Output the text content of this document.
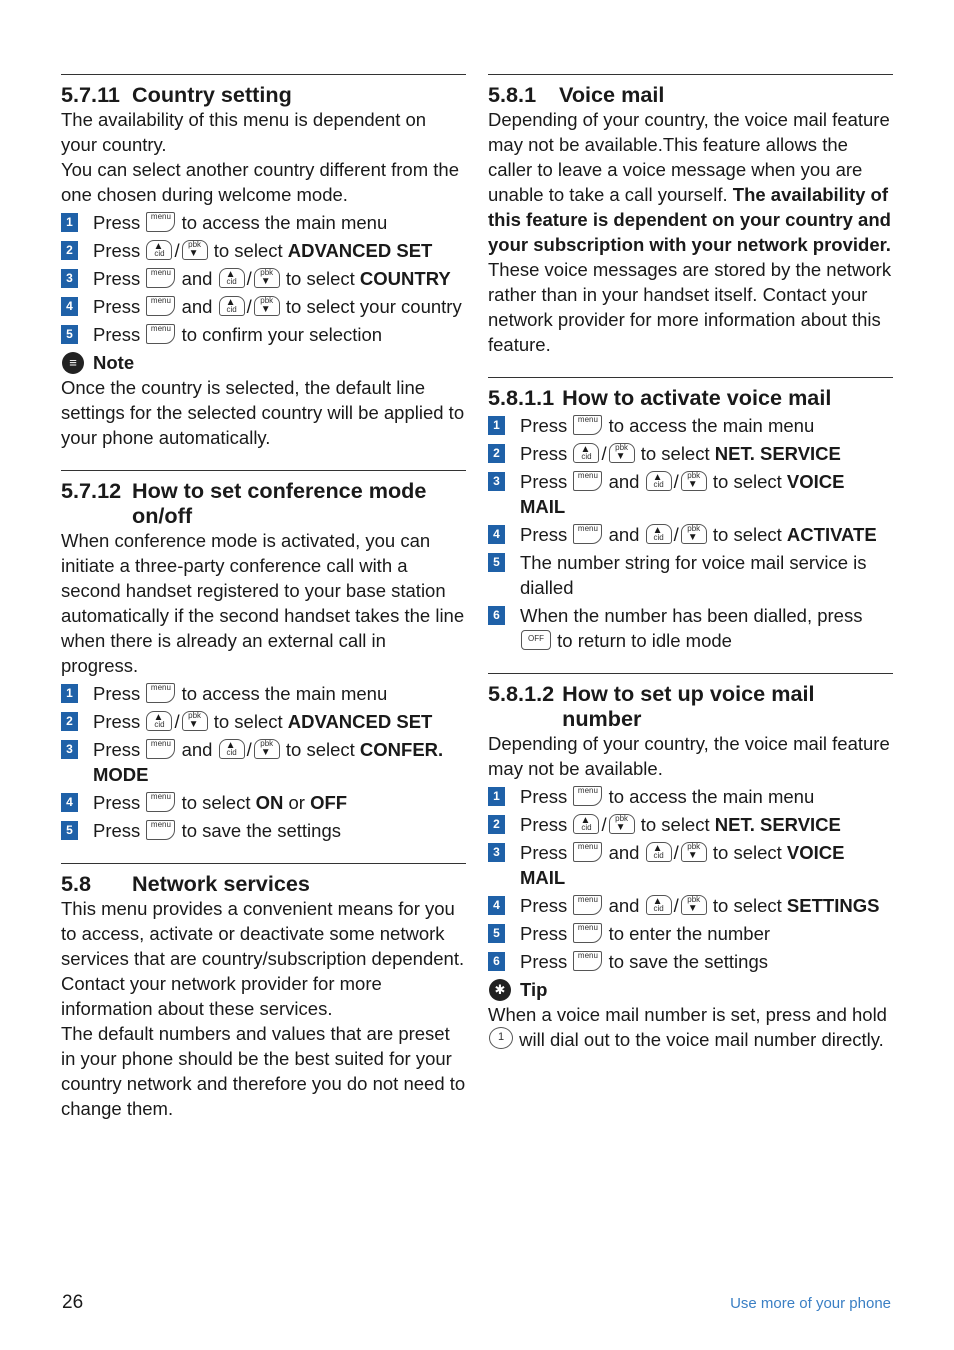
5.7.11 Country setting

The availability of this menu is dependent on your country.

You can select another country different from the one chosen during welcome mode.

1 Press	menu to access the main menu
2 Press	cid
▲ /	pbk
▼ to select ADVANCED SET
3 Press	menu and	cid
▲ /	pbk
▼ to select COUNTRY
4 Press	menu and	cid
▲ /	pbk
▼ to select your country
5 Press	menu to confirm your selection
≡ Note

Once the country is selected, the default line settings for the selected country will be applied to your phone automatically.

5.7.12 How to set conference mode on/off

When conference mode is activated, you can initiate a three-party conference call with a second handset registered to your base station automatically if the second handset takes the line when there is already an external call in progress.

1 Press	menu to access the main menu
2 Press	cid
▲ /	pbk
▼ to select ADVANCED SET
3 Press	menu and	cid
▲ /	pbk
▼ to select CONFER. MODE
4 Press	menu to select ON or OFF
5 Press	menu to save the settings
5.8	Network services

This menu provides a convenient means for you to access, activate or deactivate some network services that are country/subscription dependent. Contact your network provider for more information about these services.

The default numbers and values that are preset in your phone should be the best suited for your country network and therefore you do not need to change them.

5.8.1	Voice mail

Depending of your country, the voice mail feature may not be available.This feature allows the caller to leave a voice message when you are unable to take a call yourself. The availability of this feature is dependent on your country and your subscription with your network provider. These voice messages are stored by the network rather than in your handset itself. Contact your network provider for more information about this feature.

5.8.1.1 How to activate voice mail
1 Press	menu to access the main menu
2 Press	cid
▲ /	pbk
▼ to select NET. SERVICE
3 Press	menu and	cid
▲ /	pbk
▼ to select VOICE MAIL
4 Press	menu and	cid
▲ /	pbk
▼ to select ACTIVATE
5 The number string for voice mail service is dialled
6 When the number has been dialled, press
OFF to return to idle mode
5.8.1.2 How to set up voice mail number

Depending of your country, the voice mail feature may not be available.

1 Press	menu to access the main menu
2 Press	cid
▲ /	pbk
▼ to select NET. SERVICE
3 Press	menu and	cid
▲ /	pbk
▼ to select VOICE MAIL
4 Press	menu and	cid
▲ /	pbk
▼ to select SETTINGS
5 Press	menu to enter the number
6 Press	menu to save the settings
✱ Tip

When a voice mail number is set, press and hold
1 will dial out to the voice mail number directly.

26	Use more of your phone
